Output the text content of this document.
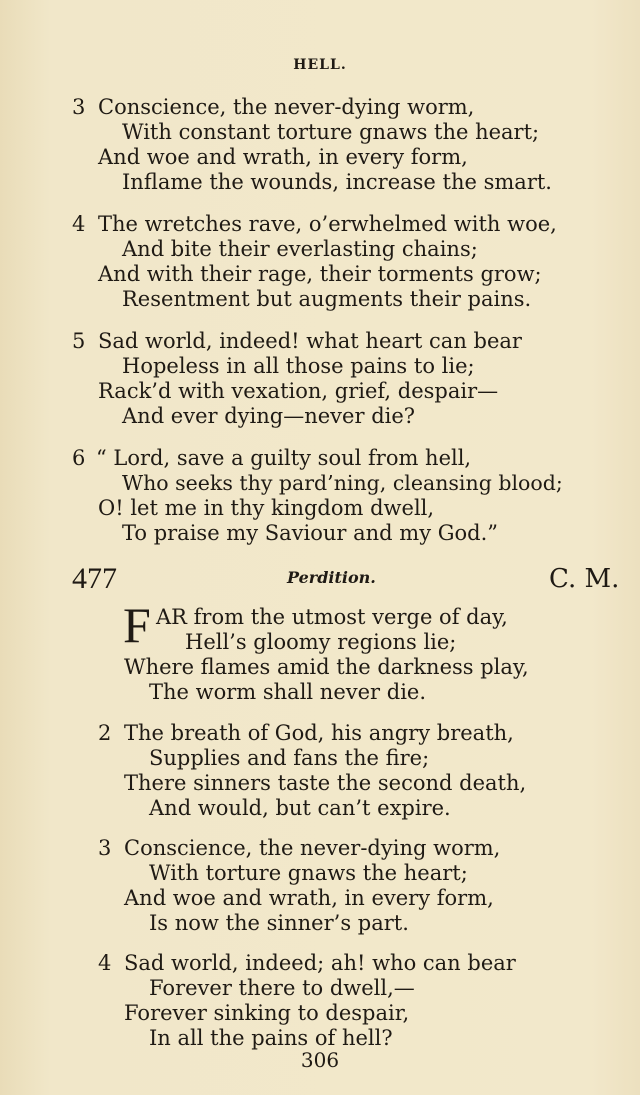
HELL.
3 Conscience, the never-dying worm,
With constant torture gnaws the heart;
And woe and wrath, in every form,
Inflame the wounds, increase the smart.
4 The wretches rave, o’erwhelmed with woe,
And bite their everlasting chains;
And with their rage, their torments grow;
Resentment but augments their pains.
5 Sad world, indeed! what heart can bear
Hopeless in all those pains to lie;
Rack’d with vexation, grief, despair—
And ever dying—never die?
6 “ Lord, save a guilty soul from hell,
Who seeks thy pard’ning, cleansing blood;
O! let me in thy kingdom dwell,
To praise my Saviour and my God.”
477	Perdition.	C. M.
F AR from the utmost verge of day,
Hell’s gloomy regions lie;
Where flames amid the darkness play,
The worm shall never die.
2 The breath of God, his angry breath,
Supplies and fans the fire;
There sinners taste the second death,
And would, but can’t expire.
3 Conscience, the never-dying worm,
With torture gnaws the heart;
And woe and wrath, in every form,
Is now the sinner’s part.
4 Sad world, indeed; ah! who can bear
Forever there to dwell,—
Forever sinking to despair,
In all the pains of hell?
306
